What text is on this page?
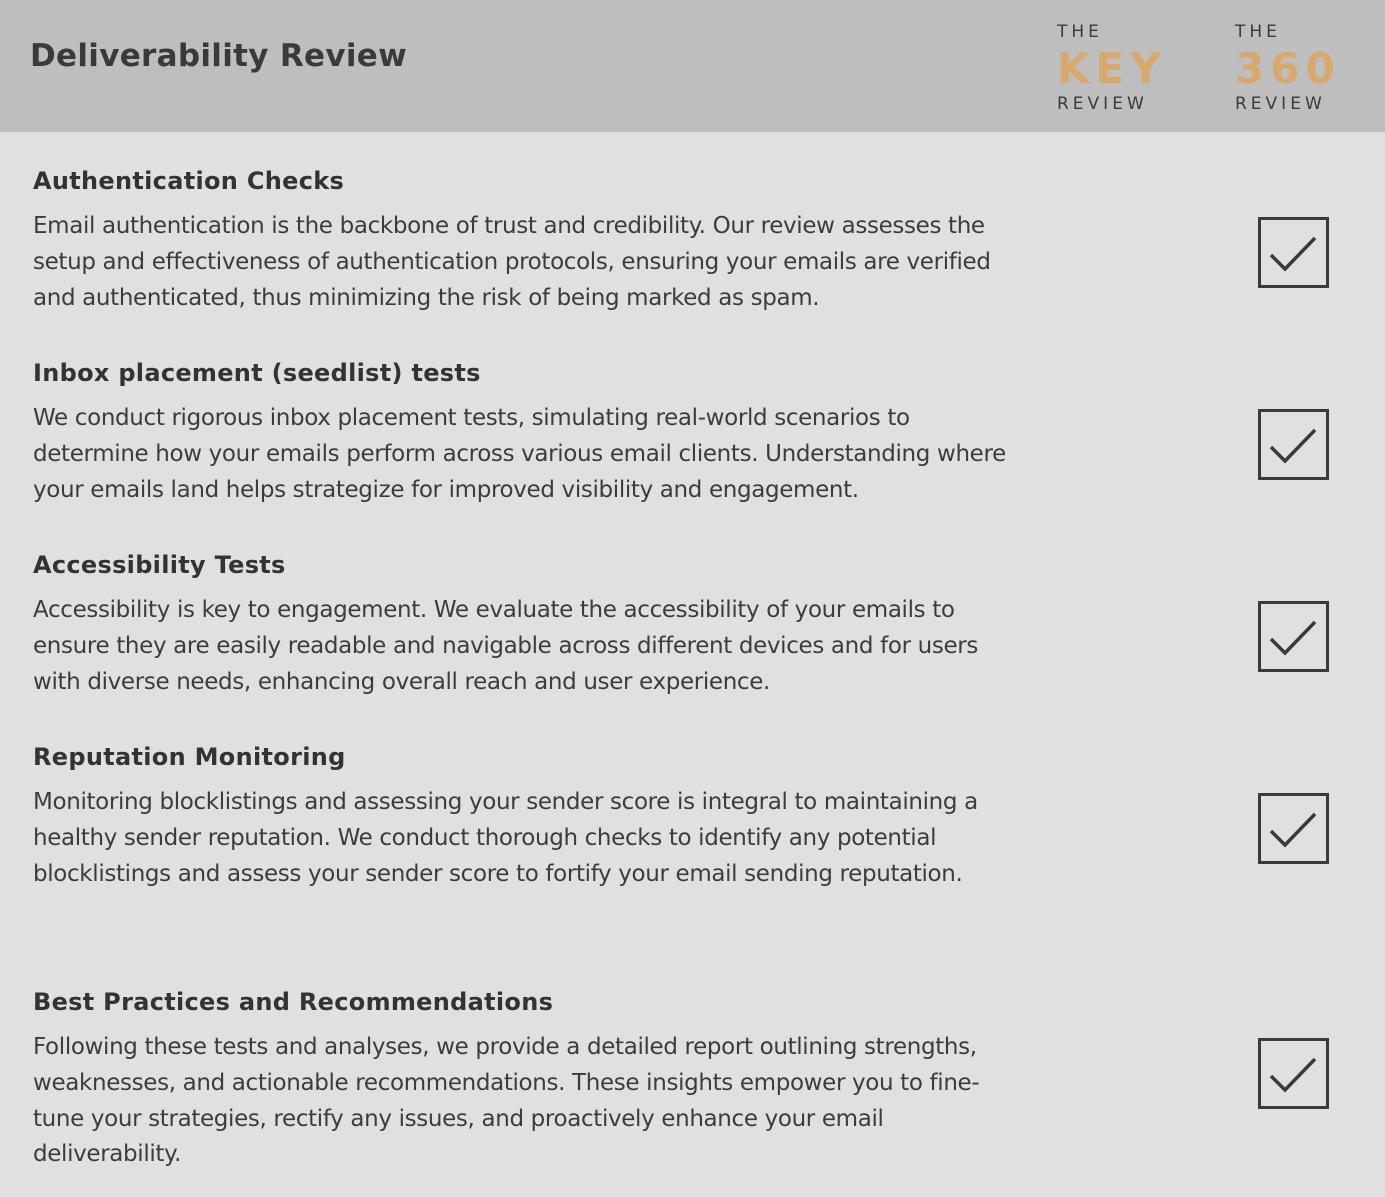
Deliverability Review
THE
KEY
REVIEW
THE
360
REVIEW
Authentication Checks

Email authentication is the backbone of trust and credibility. Our review assesses the setup and effectiveness of authentication protocols, ensuring your emails are verified and authenticated, thus minimizing the risk of being marked as spam.

Inbox placement (seedlist) tests

We conduct rigorous inbox placement tests, simulating real-world scenarios to determine how your emails perform across various email clients. Understanding where your emails land helps strategize for improved visibility and engagement.

Accessibility Tests

Accessibility is key to engagement. We evaluate the accessibility of your emails to ensure they are easily readable and navigable across different devices and for users with diverse needs, enhancing overall reach and user experience.

Reputation Monitoring

Monitoring blocklistings and assessing your sender score is integral to maintaining a healthy sender reputation. We conduct thorough checks to identify any potential blocklistings and assess your sender score to fortify your email sending reputation.

Best Practices and Recommendations

Following these tests and analyses, we provide a detailed report outlining strengths, weaknesses, and actionable recommendations. These insights empower you to fine-tune your strategies, rectify any issues, and proactively enhance your email deliverability.
